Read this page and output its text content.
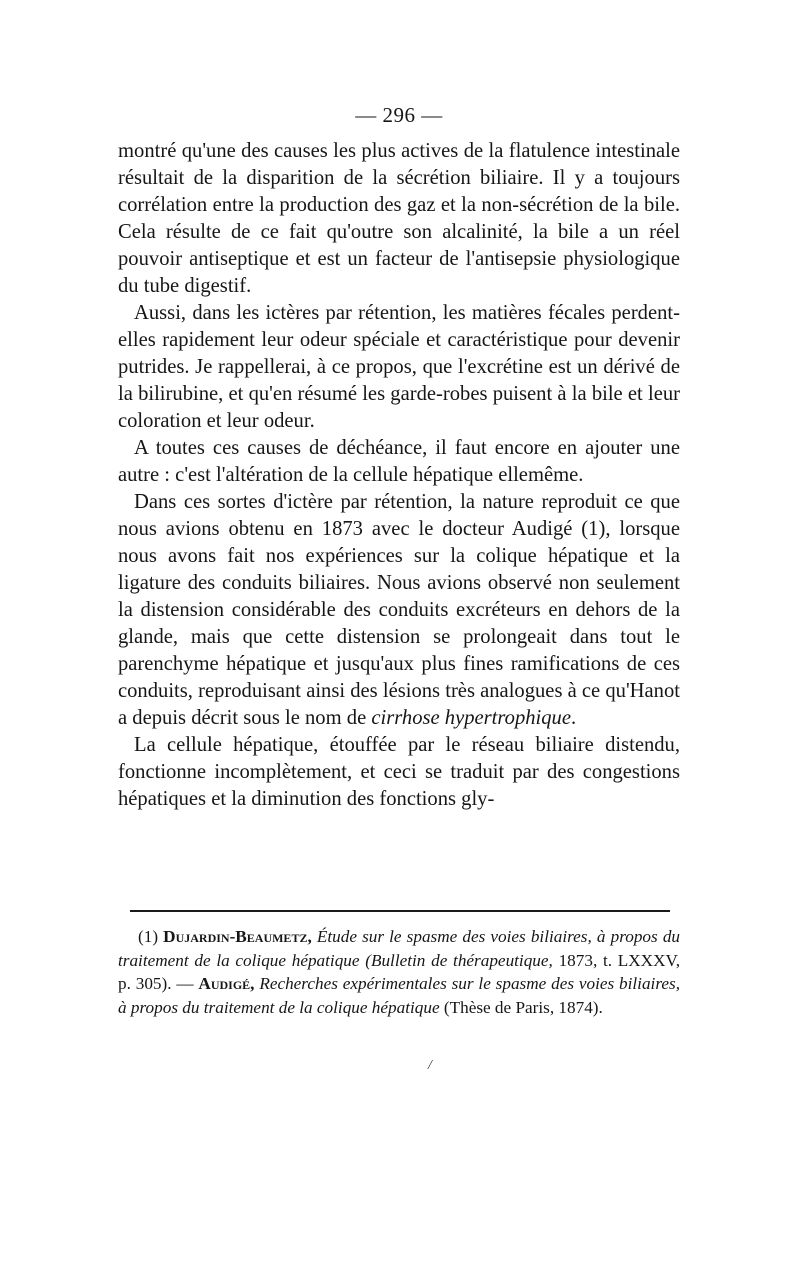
— 296 —

montré qu'une des causes les plus actives de la flatulence intestinale résultait de la disparition de la sécrétion biliaire. Il y a toujours corrélation entre la production des gaz et la non-sécrétion de la bile. Cela résulte de ce fait qu'outre son alcalinité, la bile a un réel pouvoir antiseptique et est un facteur de l'antisepsie physiologique du tube digestif.

Aussi, dans les ictères par rétention, les matières fécales perdent-elles rapidement leur odeur spéciale et caractéristique pour devenir putrides. Je rappellerai, à ce propos, que l'excrétine est un dérivé de la bilirubine, et qu'en résumé les garde-robes puisent à la bile et leur coloration et leur odeur.

A toutes ces causes de déchéance, il faut encore en ajouter une autre : c'est l'altération de la cellule hépatique ellemême.

Dans ces sortes d'ictère par rétention, la nature reproduit ce que nous avions obtenu en 1873 avec le docteur Audigé (1), lorsque nous avons fait nos expériences sur la colique hépatique et la ligature des conduits biliaires. Nous avions observé non seulement la distension considérable des conduits excréteurs en dehors de la glande, mais que cette distension se prolongeait dans tout le parenchyme hépatique et jusqu'aux plus fines ramifications de ces conduits, reproduisant ainsi des lésions très analogues à ce qu'Hanot a depuis décrit sous le nom de cirrhose hypertrophique.

La cellule hépatique, étouffée par le réseau biliaire distendu, fonctionne incomplètement, et ceci se traduit par des congestions hépatiques et la diminution des fonctions gly-

(1) Dujardin-Beaumetz, Étude sur le spasme des voies biliaires, à propos du traitement de la colique hépatique (Bulletin de thérapeutique, 1873, t. LXXXV, p. 305). — Audigé, Recherches expérimentales sur le spasme des voies biliaires, à propos du traitement de la colique hépatique (Thèse de Paris, 1874).
/
